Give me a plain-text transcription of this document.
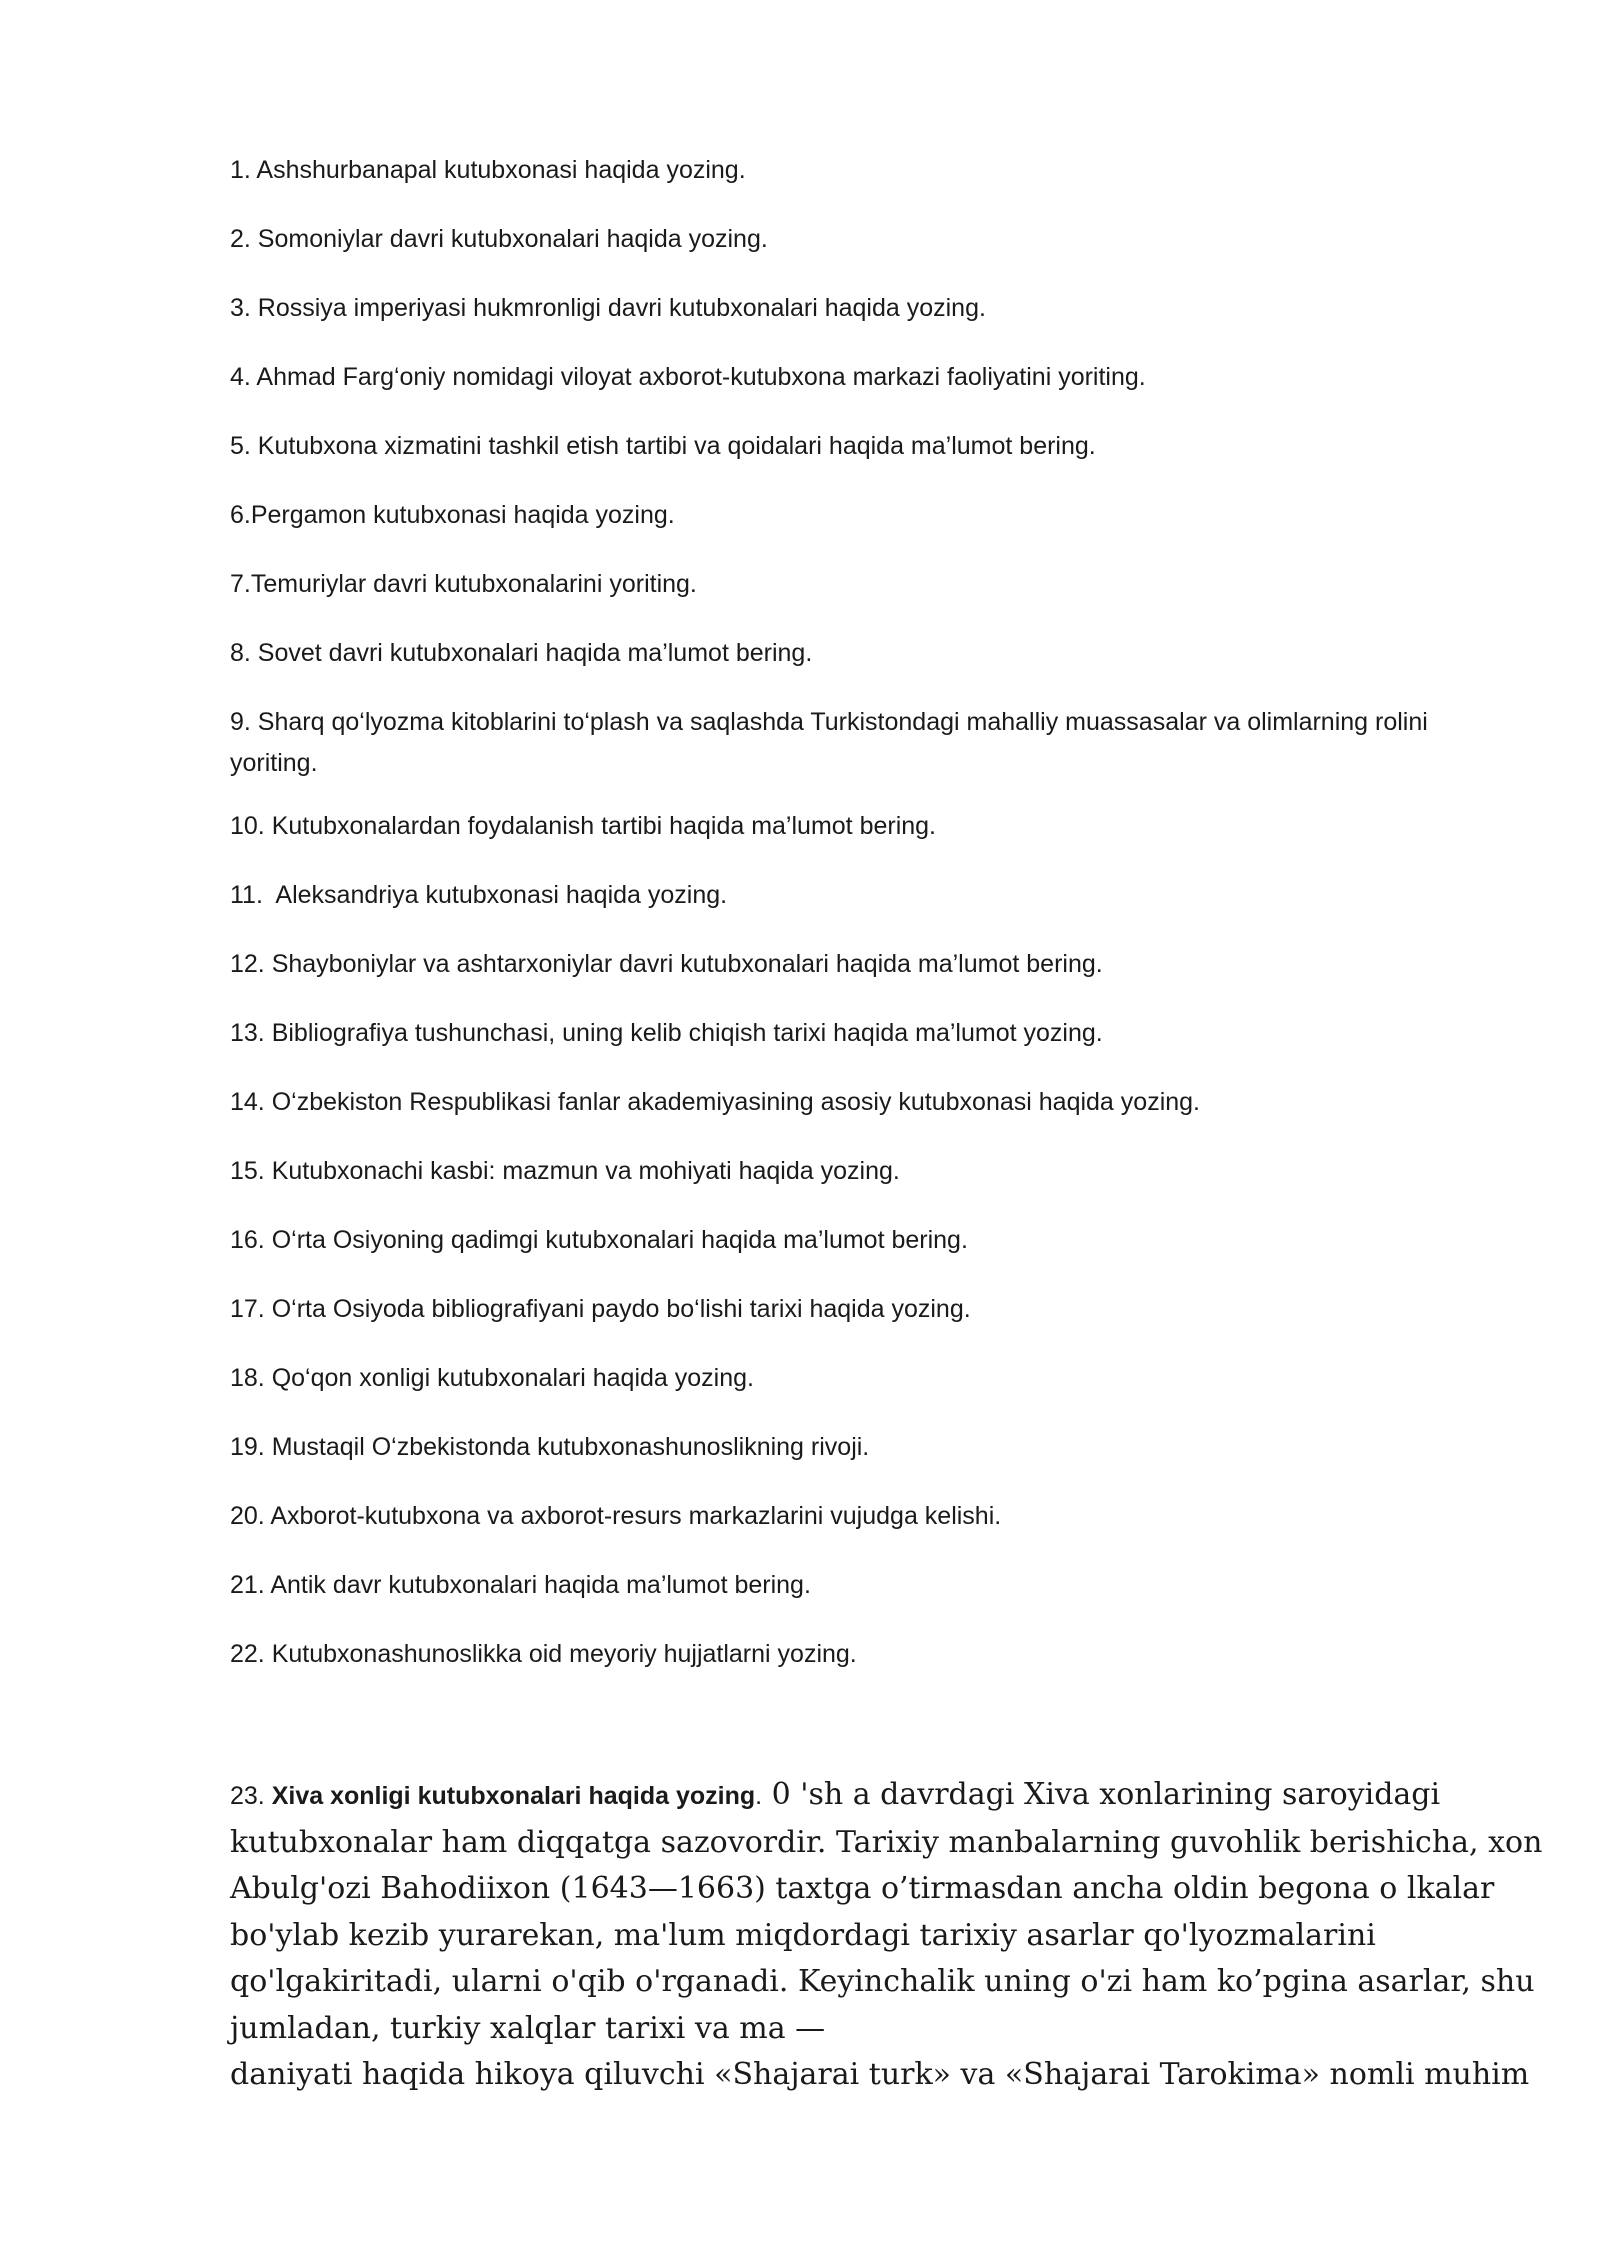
1. Ashshurbanapal kutubxonasi haqida yozing.
2. Somoniylar davri kutubxonalari haqida yozing.
3. Rossiya imperiyasi hukmronligi davri kutubxonalari haqida yozing.
4. Ahmad Farg‘oniy nomidagi viloyat axborot-kutubxona markazi faoliyatini yoriting.
5. Kutubxona xizmatini tashkil etish tartibi va qoidalari haqida ma’lumot bering.
6.Pergamon kutubxonasi haqida yozing.
7.Temuriylar davri kutubxonalarini yoriting.
8. Sovet davri kutubxonalari haqida ma’lumot bering.
9. Sharq qo‘lyozma kitoblarini to‘plash va saqlashda Turkistondagi mahalliy muassasalar va olimlarning rolini yoriting.
10. Kutubxonalardan foydalanish tartibi haqida ma’lumot bering.
11.  Aleksandriya kutubxonasi haqida yozing.
12. Shayboniylar va ashtarxoniylar davri kutubxonalari haqida ma’lumot bering.
13. Bibliografiya tushunchasi, uning kelib chiqish tarixi haqida ma’lumot yozing.
14. O‘zbekiston Respublikasi fanlar akademiyasining asosiy kutubxonasi haqida yozing.
15. Kutubxonachi kasbi: mazmun va mohiyati haqida yozing.
16. O‘rta Osiyoning qadimgi kutubxonalari haqida ma’lumot bering.
17. O‘rta Osiyoda bibliografiyani paydo bo‘lishi tarixi haqida yozing.
18. Qo‘qon xonligi kutubxonalari haqida yozing.
19. Mustaqil O‘zbekistonda kutubxonashunoslikning rivoji.
20. Axborot-kutubxona va axborot-resurs markazlarini vujudga kelishi.
21. Antik davr kutubxonalari haqida ma’lumot bering.
22. Kutubxonashunoslikka oid meyoriy hujjatlarni yozing.
23. Xiva xonligi kutubxonalari haqida yozing. 0 'sh a davrdagi Xiva xonlarining saroyidagi
kutubxonalar ham diqqatga sazovordir. Tarixiy manbalarning guvohlik berishicha, xon
Abulg'ozi Bahodiixon (1643—1663) taxtga o’tirmasdan ancha oldin begona o lkalar
bo'ylab kezib yurarekan, ma'lum miqdordagi tarixiy asarlar qo'lyozmalarini
qo'lgakiritadi, ularni o'qib o'rganadi. Keyinchalik uning o'zi ham ko’pgina asarlar, shu
jumladan, turkiy xalqlar tarixi va ma —
daniyati haqida hikoya qiluvchi «Shajarai turk» va «Shajarai Tarokima» nomli muhim
